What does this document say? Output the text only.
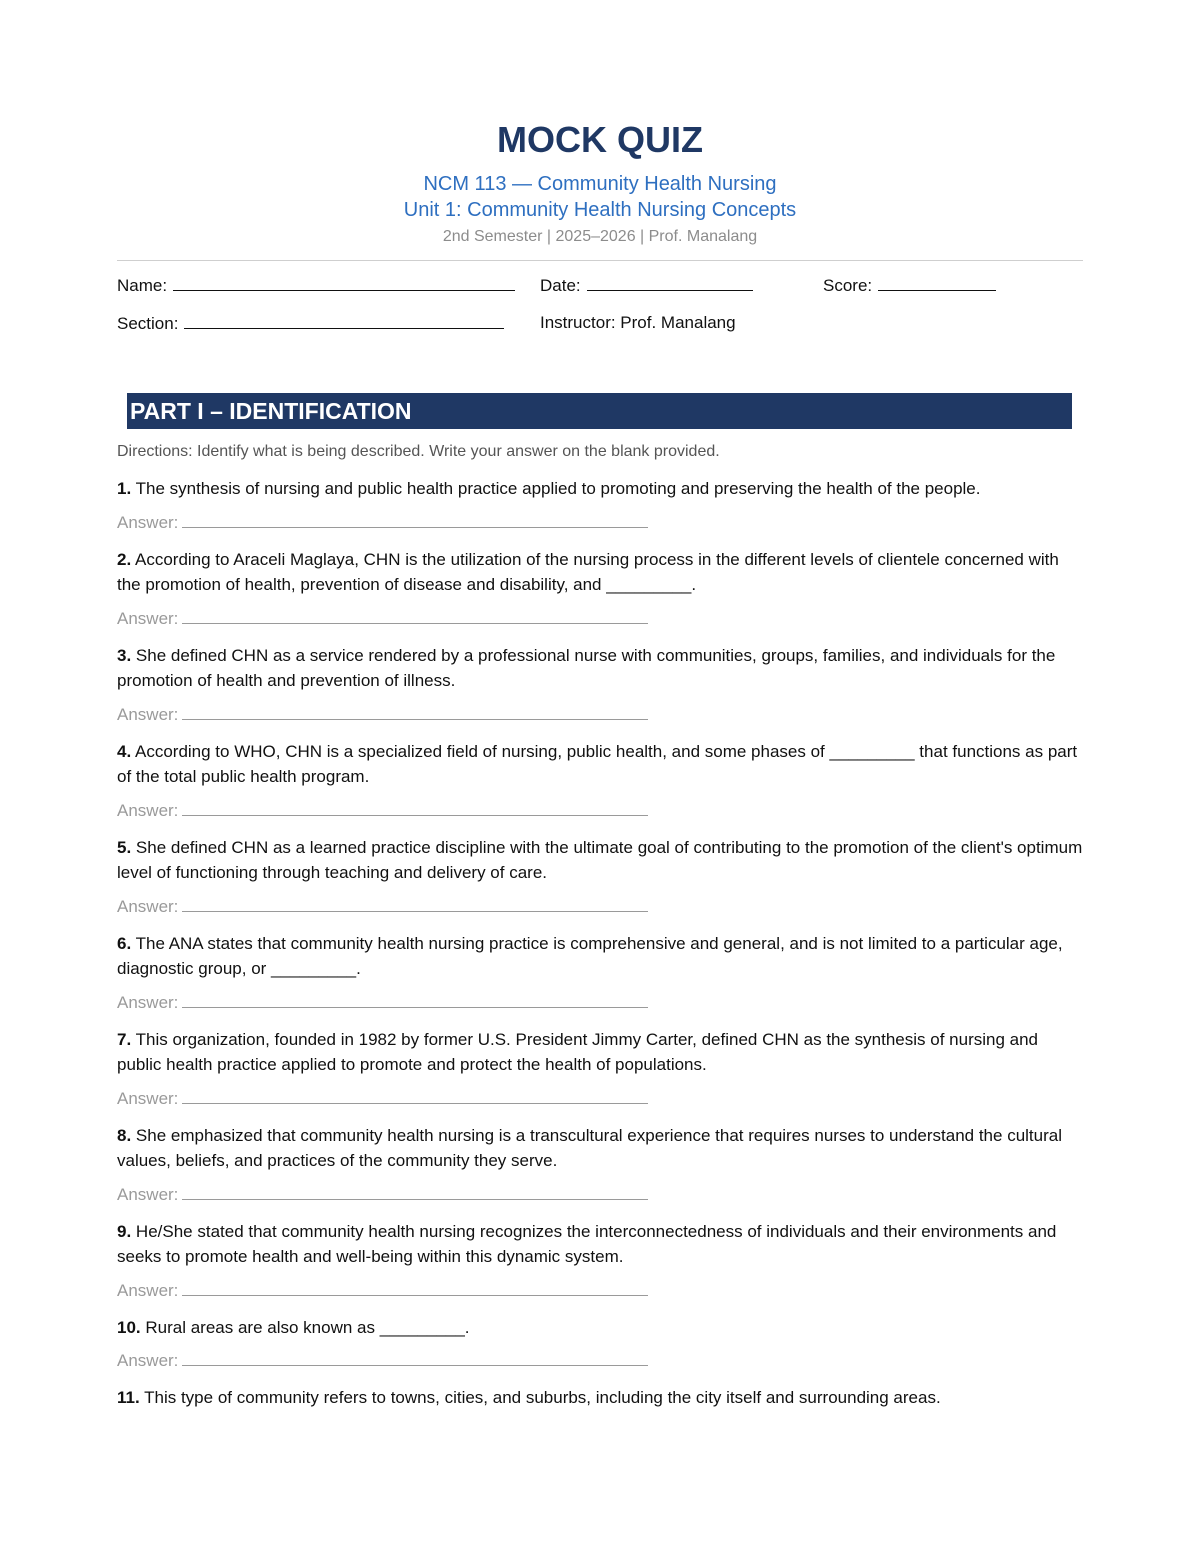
MOCK QUIZ
NCM 113 — Community Health Nursing
Unit 1: Community Health Nursing Concepts
2nd Semester | 2025–2026 | Prof. Manalang
Name:	Date:	Score:
Section:	Instructor: Prof. Manalang
PART I – IDENTIFICATION
Directions: Identify what is being described. Write your answer on the blank provided.
1. The synthesis of nursing and public health practice applied to promoting and preserving the health of the people.
Answer:
2. According to Araceli Maglaya, CHN is the utilization of the nursing process in the different levels of clientele concerned with the promotion of health, prevention of disease and disability, and _________.
Answer:
3. She defined CHN as a service rendered by a professional nurse with communities, groups, families, and individuals for the promotion of health and prevention of illness.
Answer:
4. According to WHO, CHN is a specialized field of nursing, public health, and some phases of _________ that functions as part of the total public health program.
Answer:
5. She defined CHN as a learned practice discipline with the ultimate goal of contributing to the promotion of the client's optimum level of functioning through teaching and delivery of care.
Answer:
6. The ANA states that community health nursing practice is comprehensive and general, and is not limited to a particular age, diagnostic group, or _________.
Answer:
7. This organization, founded in 1982 by former U.S. President Jimmy Carter, defined CHN as the synthesis of nursing and public health practice applied to promote and protect the health of populations.
Answer:
8. She emphasized that community health nursing is a transcultural experience that requires nurses to understand the cultural values, beliefs, and practices of the community they serve.
Answer:
9. He/She stated that community health nursing recognizes the interconnectedness of individuals and their environments and seeks to promote health and well-being within this dynamic system.
Answer:
10. Rural areas are also known as _________.
Answer:
11. This type of community refers to towns, cities, and suburbs, including the city itself and surrounding areas.
